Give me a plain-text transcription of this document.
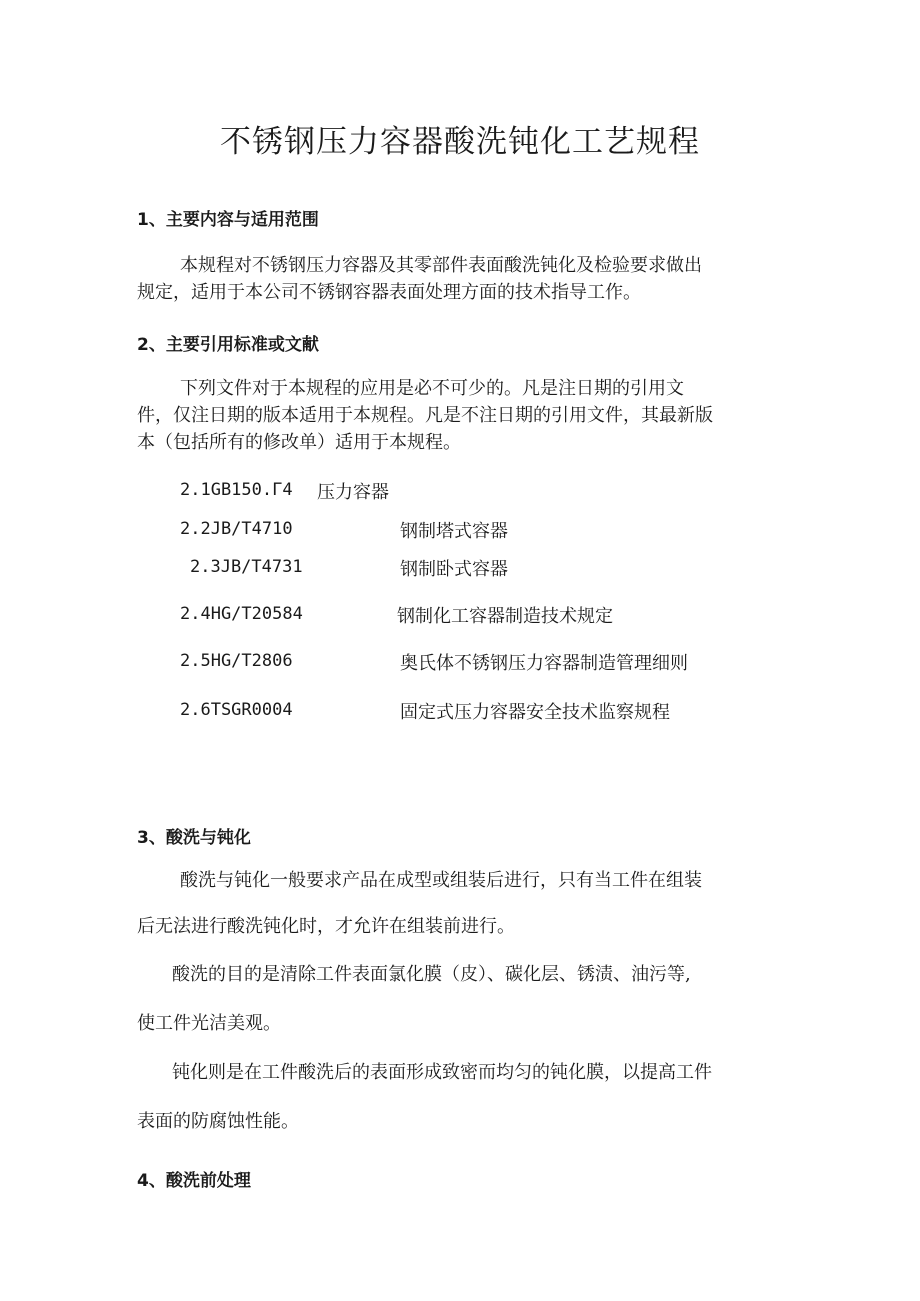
不锈钢压力容器酸洗钝化工艺规程
1、主要内容与适用范围
本规程对不锈钢压力容器及其零部件表面酸洗钝化及检验要求做出
规定，适用于本公司不锈钢容器表面处理方面的技术指导工作。
2、主要引用标准或文献
下列文件对于本规程的应用是必不可少的。凡是注日期的引用文
件，仅注日期的版本适用于本规程。凡是不注日期的引用文件，其最新版
本（包括所有的修改单）适用于本规程。
2.1GB150.Γ4 压力容器
2.2JB/T4710	钢制塔式容器
2.3JB/T4731	钢制卧式容器
2.4HG/T20584	钢制化工容器制造技术规定
2.5HG/T2806	奥氏体不锈钢压力容器制造管理细则
2.6TSGR0004	固定式压力容器安全技术监察规程
3、酸洗与钝化
酸洗与钝化一般要求产品在成型或组装后进行，只有当工件在组装
后无法进行酸洗钝化时，才允许在组装前进行。
酸洗的目的是清除工件表面氯化膜（皮）、碳化层、锈渍、油污等,
使工件光洁美观。
钝化则是在工件酸洗后的表面形成致密而均匀的钝化膜，以提高工件
表面的防腐蚀性能。
4、酸洗前处理
